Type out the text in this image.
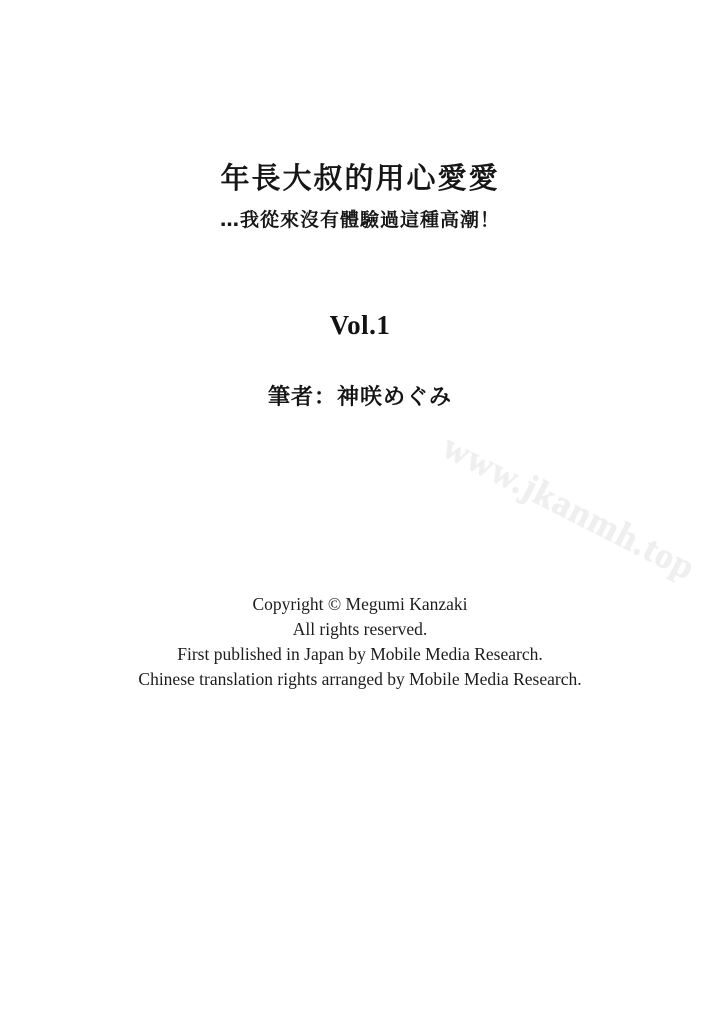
年長大叔的用心愛愛
…我從來沒有體驗過這種高潮！
Vol.1
筆者：神咲めぐみ
www.jkanmh.top
Copyright © Megumi Kanzaki
All rights reserved.
First published in Japan by Mobile Media Research.
Chinese translation rights arranged by Mobile Media Research.
